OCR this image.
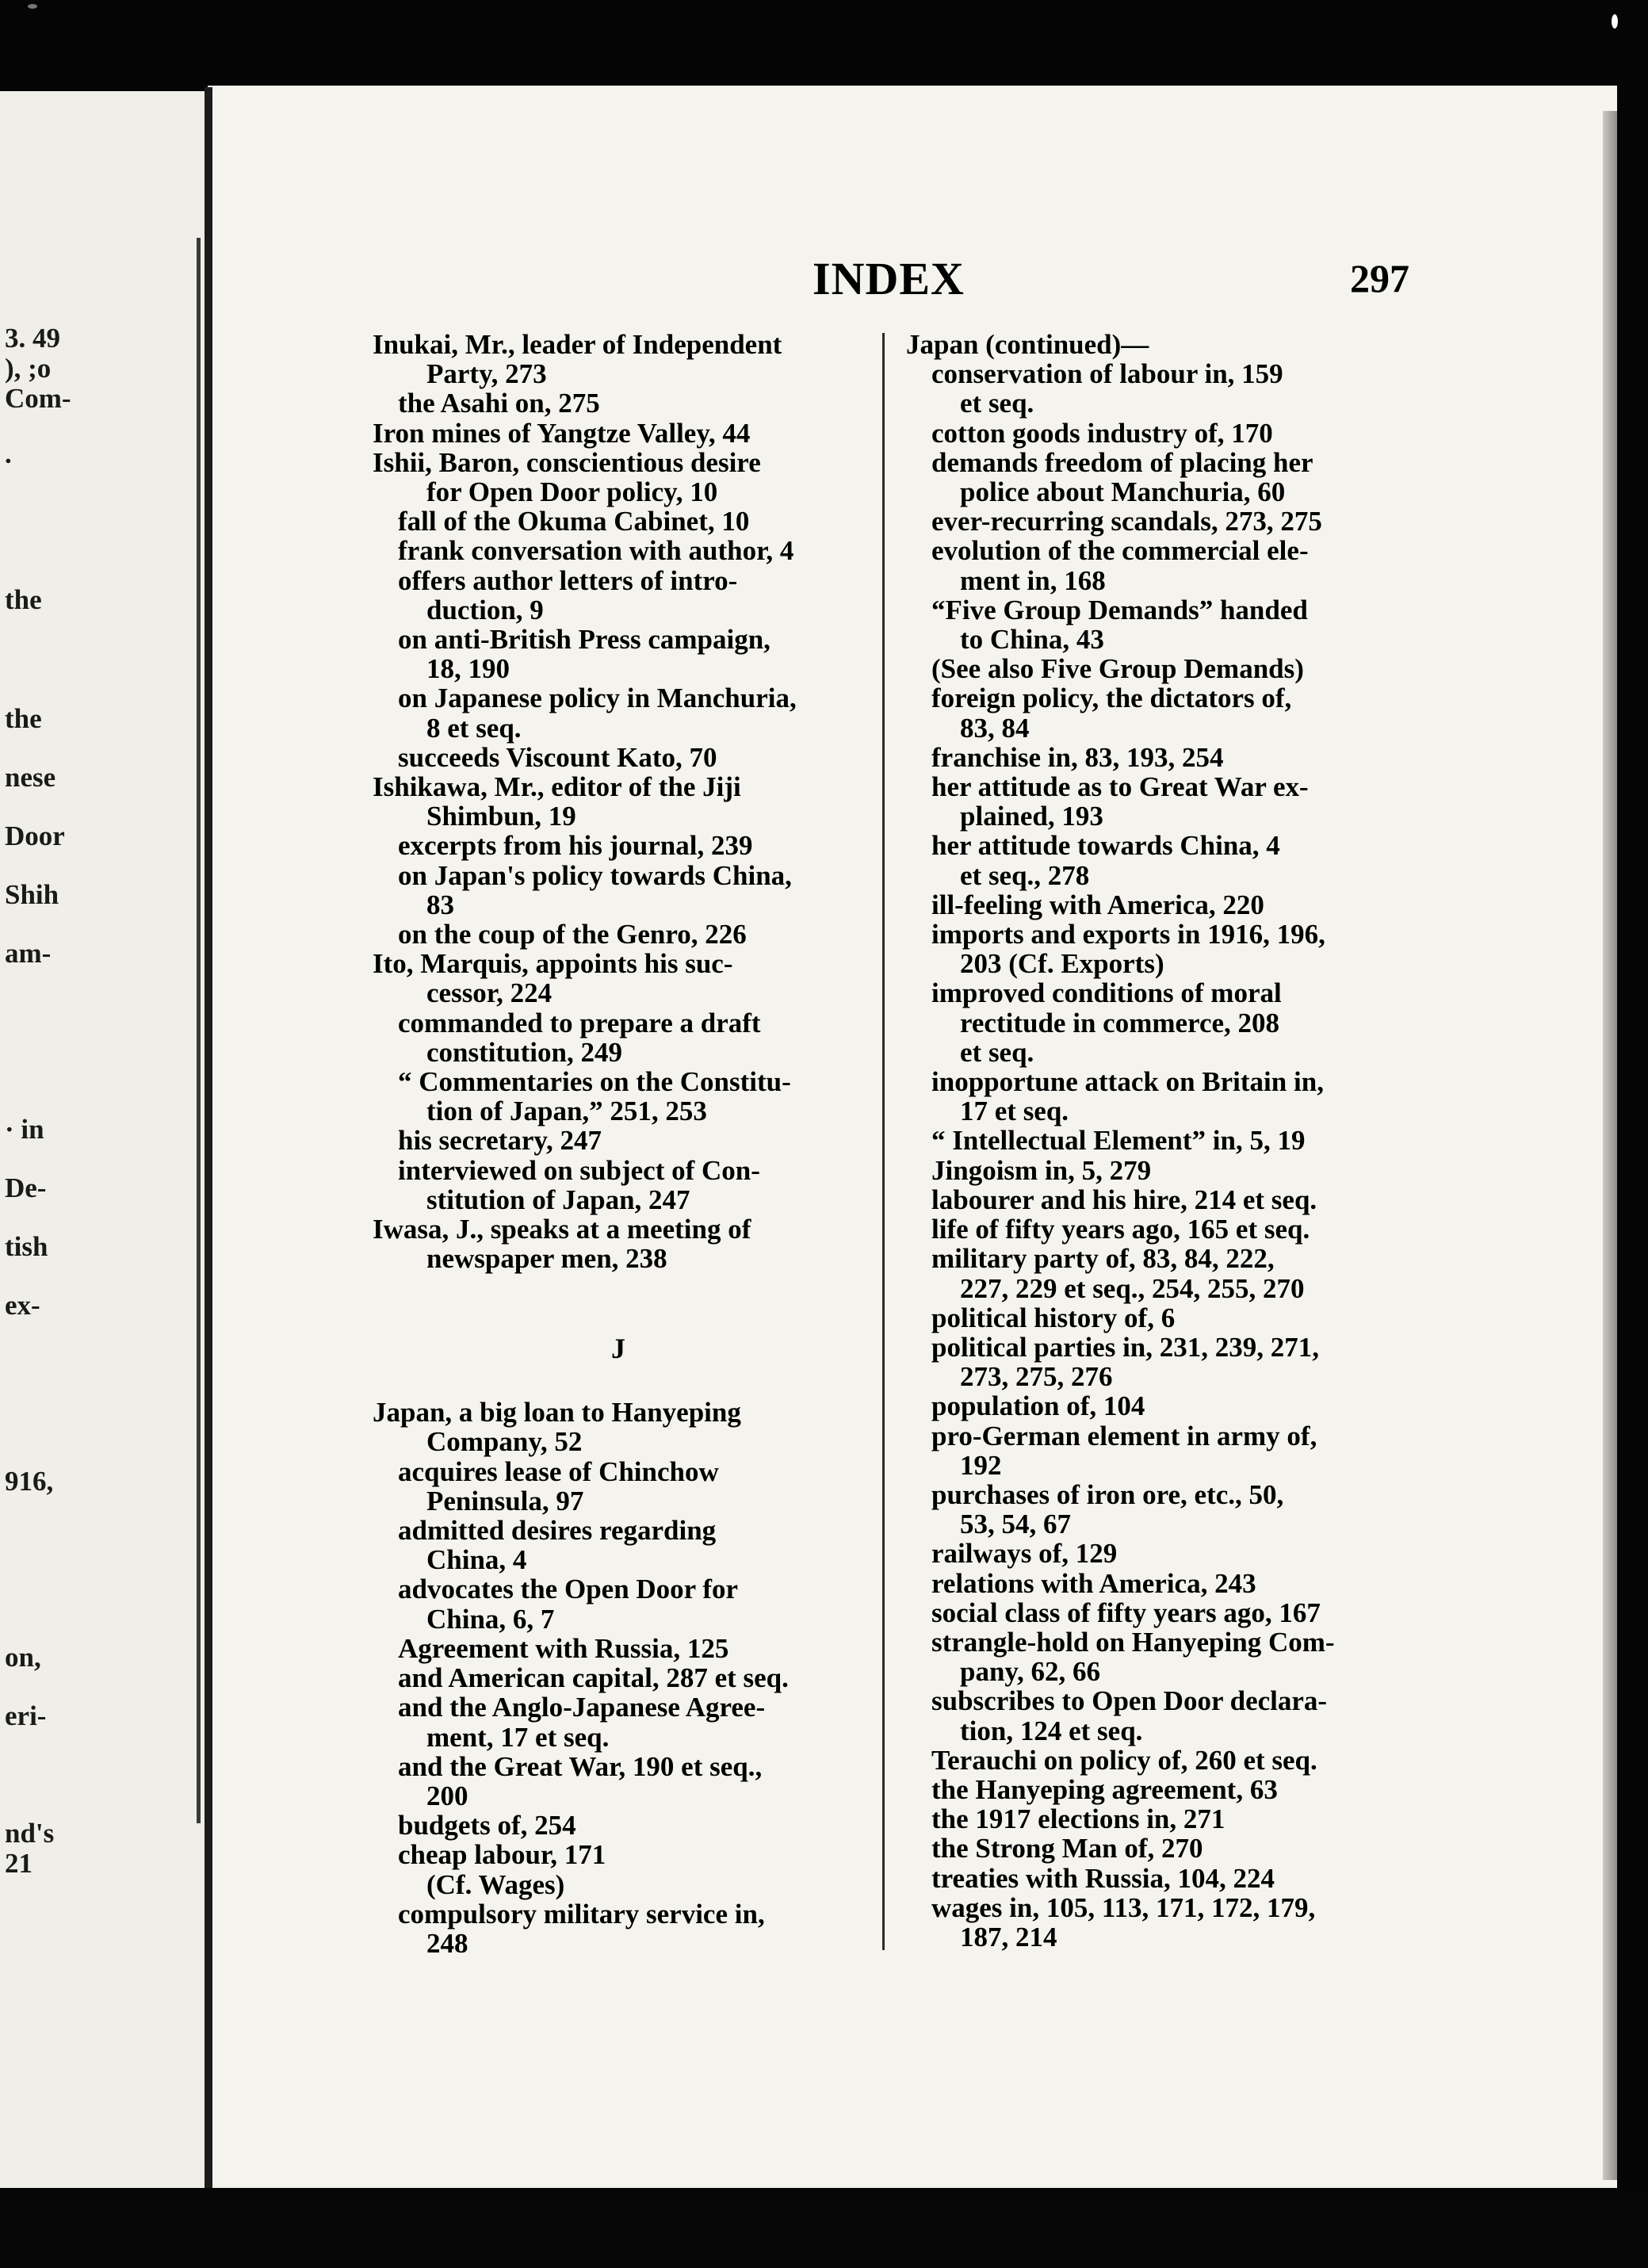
INDEX	297
Inukai, Mr., leader of Independent
Party, 273
the Asahi on, 275
Iron mines of Yangtze Valley, 44
Ishii, Baron, conscientious desire
for Open Door policy, 10
fall of the Okuma Cabinet, 10
frank conversation with author, 4
offers author letters of intro-
duction, 9
on anti-British Press campaign,
18, 190
on Japanese policy in Manchuria,
8 et seq.
succeeds Viscount Kato, 70
Ishikawa, Mr., editor of the Jiji
Shimbun, 19
excerpts from his journal, 239
on Japan's policy towards China,
83
on the coup of the Genro, 226
Ito, Marquis, appoints his suc-
cessor, 224
commanded to prepare a draft
constitution, 249
“ Commentaries on the Constitu-
tion of Japan,” 251, 253
his secretary, 247
interviewed on subject of Con-
stitution of Japan, 247
Iwasa, J., speaks at a meeting of
newspaper men, 238
J
Japan, a big loan to Hanyeping
Company, 52
acquires lease of Chinchow
Peninsula, 97
admitted desires regarding
China, 4
advocates the Open Door for
China, 6, 7
Agreement with Russia, 125
and American capital, 287 et seq.
and the Anglo-Japanese Agree-
ment, 17 et seq.
and the Great War, 190 et seq.,
200
budgets of, 254
cheap labour, 171
(Cf. Wages)
compulsory military service in,
248
Japan (continued)—
conservation of labour in, 159
et seq.
cotton goods industry of, 170
demands freedom of placing her
police about Manchuria, 60
ever-recurring scandals, 273, 275
evolution of the commercial ele-
ment in, 168
“Five Group Demands” handed
to China, 43
(See also Five Group Demands)
foreign policy, the dictators of,
83, 84
franchise in, 83, 193, 254
her attitude as to Great War ex-
plained, 193
her attitude towards China, 4
et seq., 278
ill-feeling with America, 220
imports and exports in 1916, 196,
203 (Cf. Exports)
improved conditions of moral
rectitude in commerce, 208
et seq.
inopportune attack on Britain in,
17 et seq.
“ Intellectual Element” in, 5, 19
Jingoism in, 5, 279
labourer and his hire, 214 et seq.
life of fifty years ago, 165 et seq.
military party of, 83, 84, 222,
227, 229 et seq., 254, 255, 270
political history of, 6
political parties in, 231, 239, 271,
273, 275, 276
population of, 104
pro-German element in army of,
192
purchases of iron ore, etc., 50,
53, 54, 67
railways of, 129
relations with America, 243
social class of fifty years ago, 167
strangle-hold on Hanyeping Com-
pany, 62, 66
subscribes to Open Door declara-
tion, 124 et seq.
Terauchi on policy of, 260 et seq.
the Hanyeping agreement, 63
the 1917 elections in, 271
the Strong Man of, 270
treaties with Russia, 104, 224
wages in, 105, 113, 171, 172, 179,
187, 214
3. 49
), ;o
Com-
.
the
the
nese
Door
Shih
am-
· in
De-
tish
ex-
916,
on,
eri-
nd's
21
